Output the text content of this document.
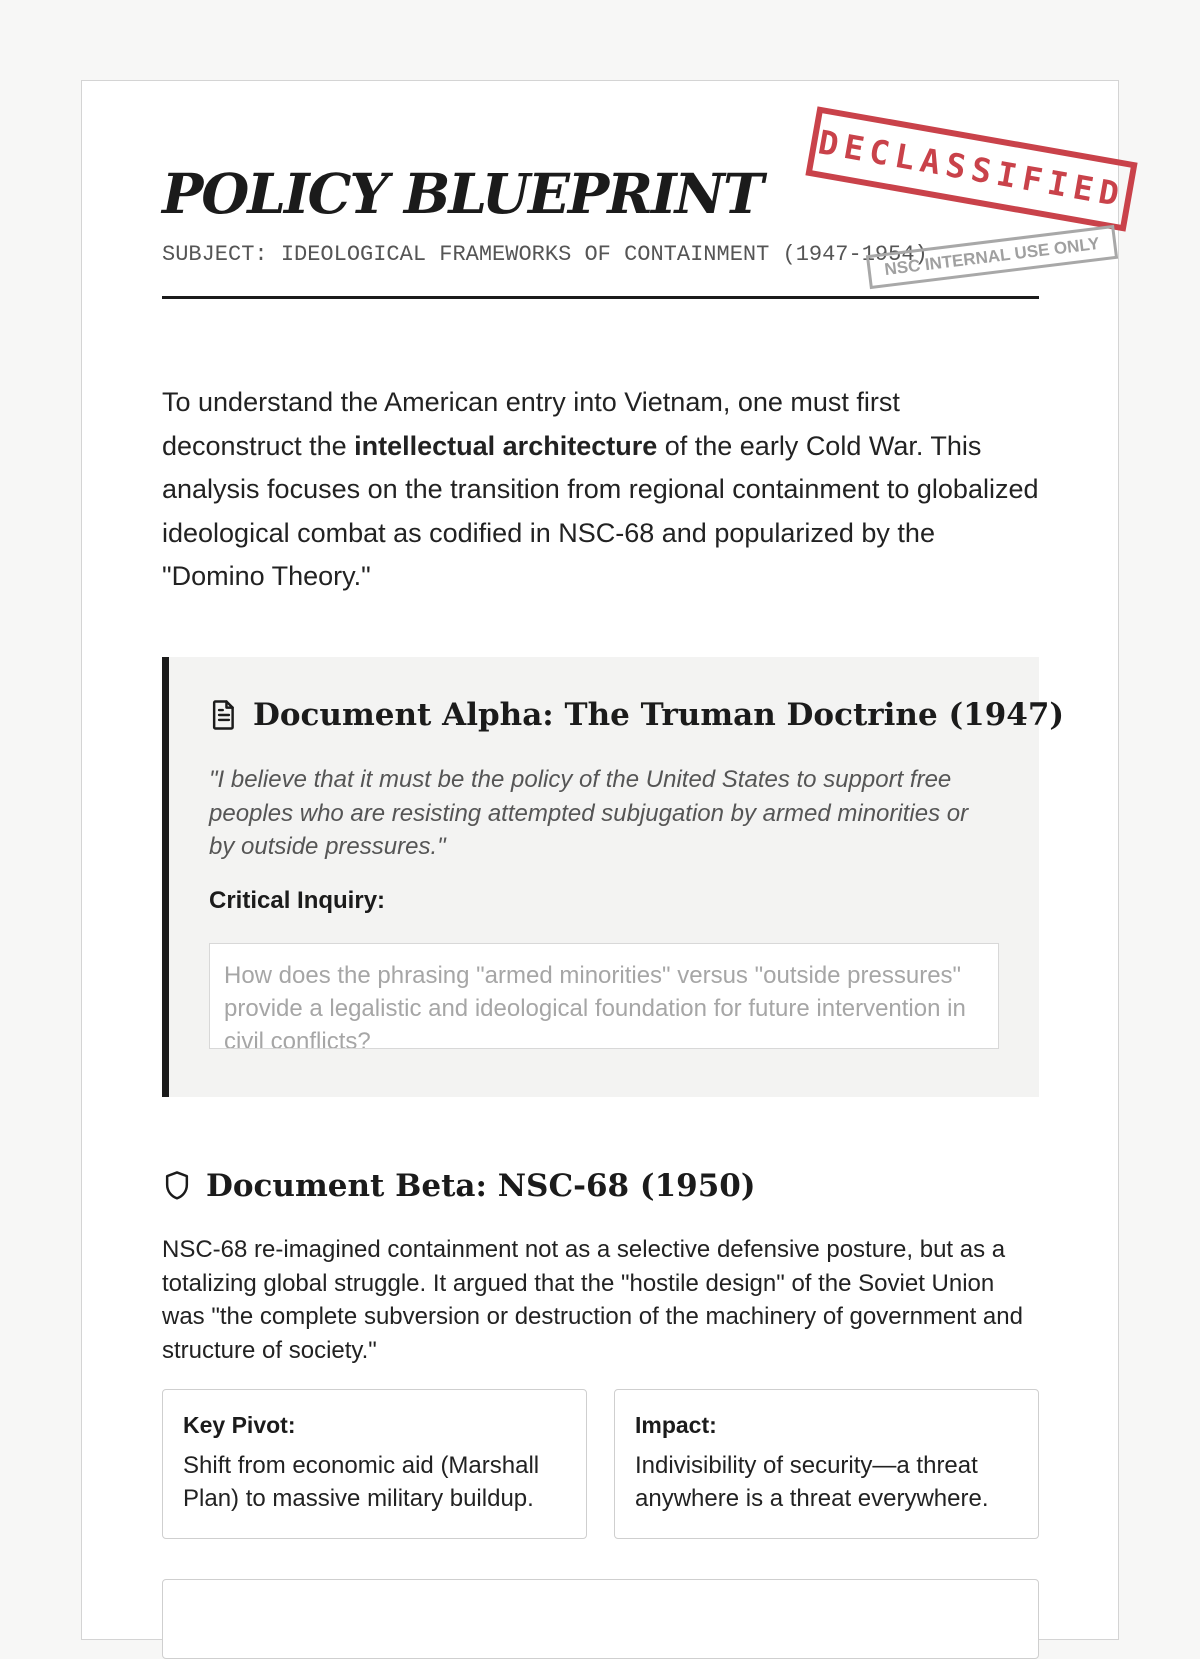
POLICY BLUEPRINT
SUBJECT: IDEOLOGICAL FRAMEWORKS OF CONTAINMENT (1947-1954)
DECLASSIFIED
NSC INTERNAL USE ONLY

To understand the American entry into Vietnam, one must first deconstruct the intellectual architecture of the early Cold War. This analysis focuses on the transition from regional containment to globalized ideological combat as codified in NSC-68 and popularized by the "Domino Theory."

Document Alpha: The Truman Doctrine (1947)

"I believe that it must be the policy of the United States to support free peoples who are resisting attempted subjugation by armed minorities or by outside pressures."

Critical Inquiry:
How does the phrasing "armed minorities" versus "outside pressures" provide a legalistic and ideological foundation for future intervention in civil conflicts?
Document Beta: NSC-68 (1950)

NSC-68 re-imagined containment not as a selective defensive posture, but as a totalizing global struggle. It argued that the "hostile design" of the Soviet Union was "the complete subversion or destruction of the machinery of government and structure of society."

Key Pivot:
Shift from economic aid (Marshall Plan) to massive military buildup.
Impact:
Indivisibility of security—a threat anywhere is a threat everywhere.
